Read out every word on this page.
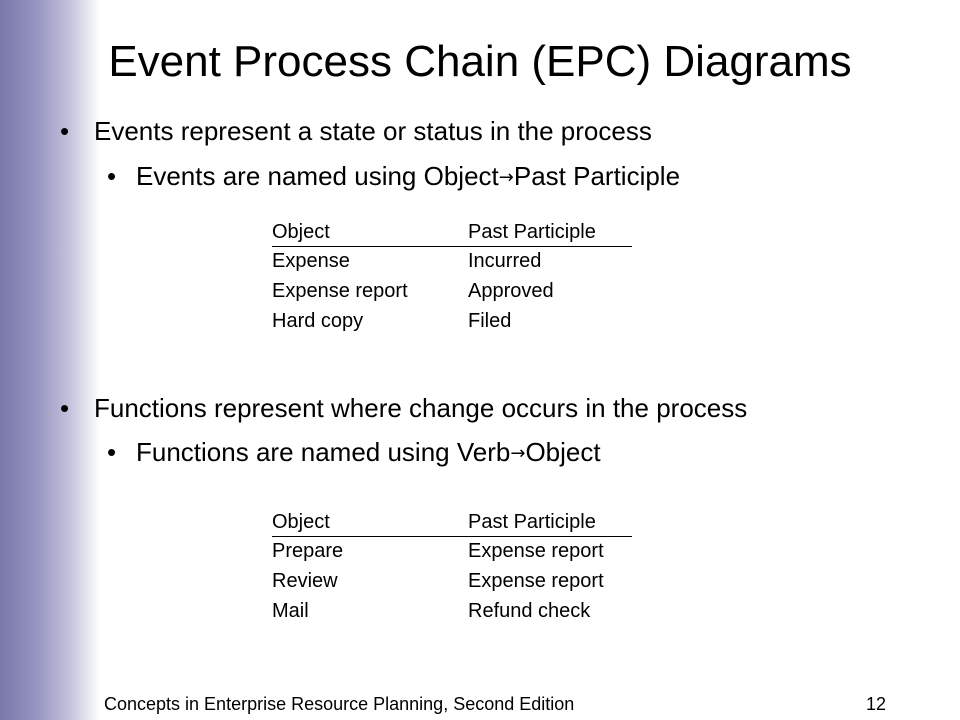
Event Process Chain (EPC) Diagrams
• Events represent a state or status in the process
• Events are named using Object→Past Participle
Object	Past Participle
Expense	Incurred
Expense report	Approved
Hard copy	Filed
• Functions represent where change occurs in the process
• Functions are named using Verb→Object
Object	Past Participle
Prepare	Expense report
Review	Expense report
Mail	Refund check
Concepts in Enterprise Resource Planning, Second Edition	12
